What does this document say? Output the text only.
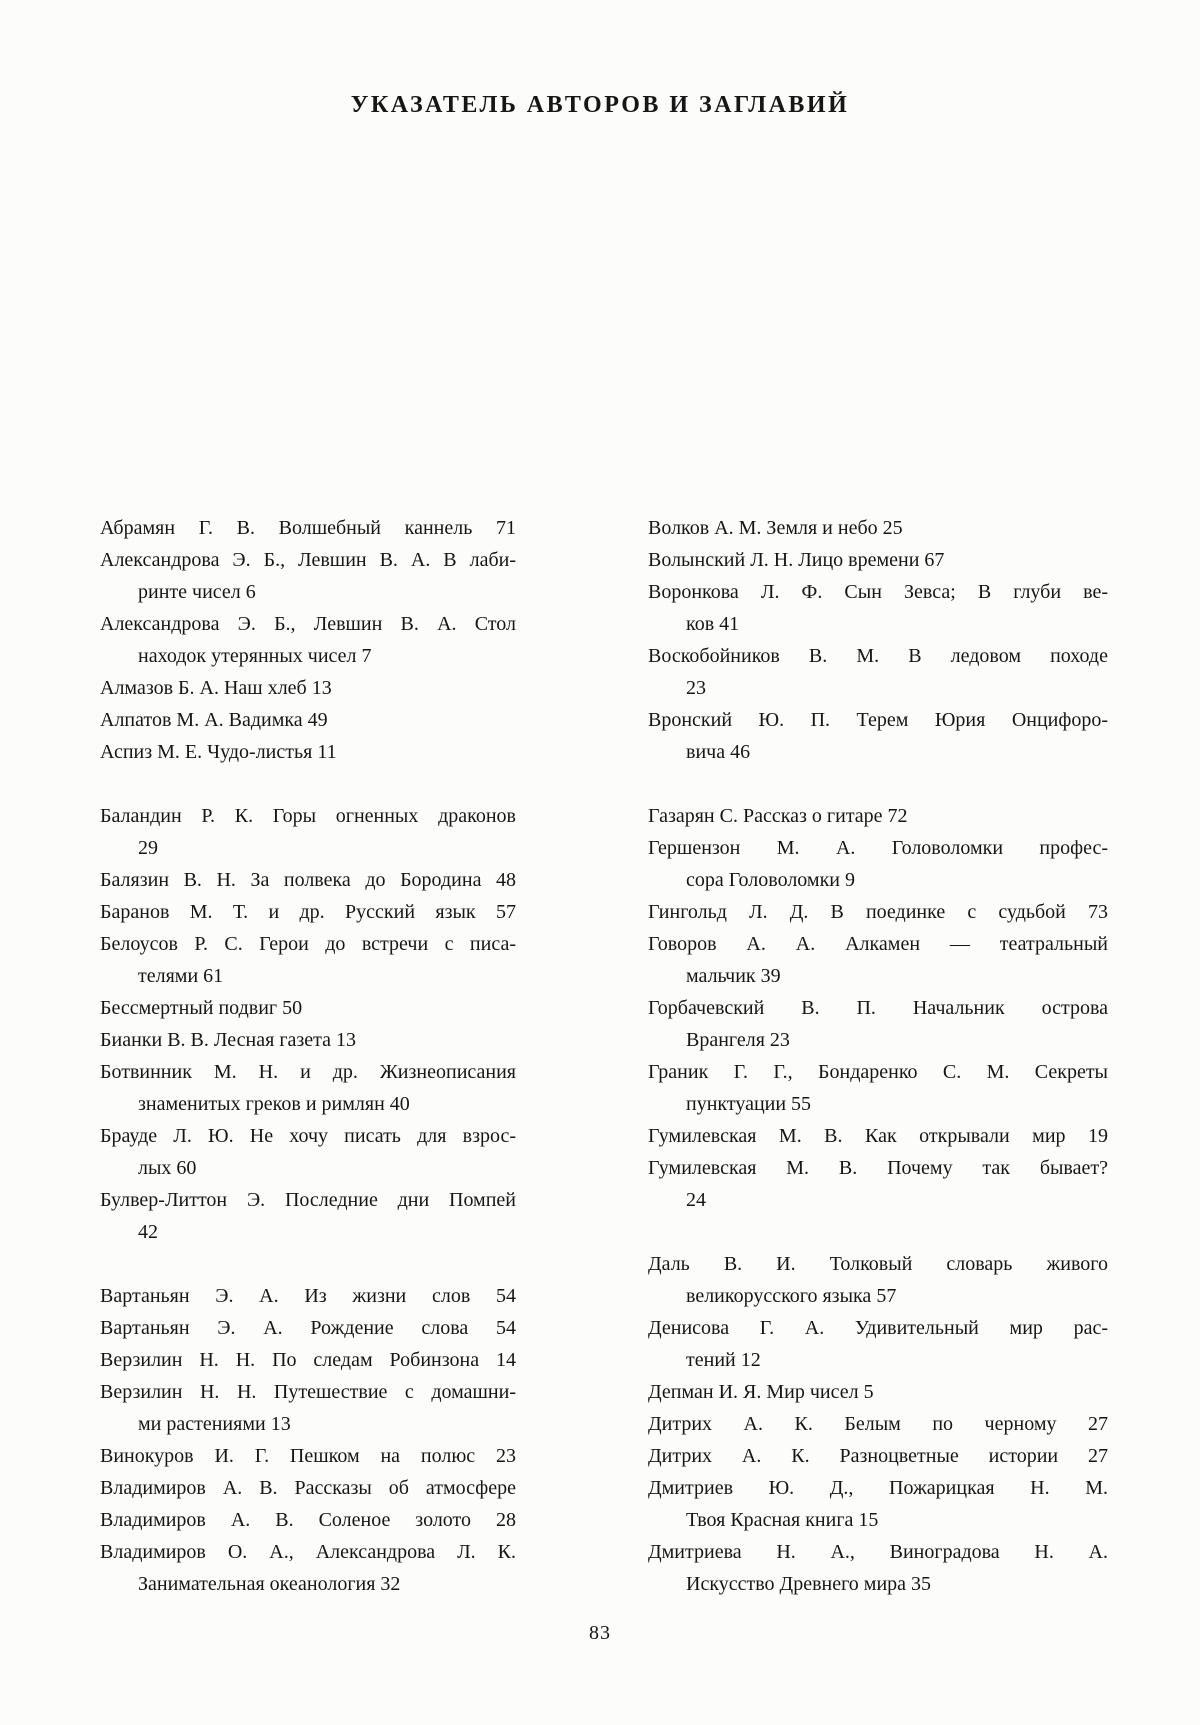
УКАЗАТЕЛЬ АВТОРОВ И ЗАГЛАВИЙ
Абрамян Г. В. Волшебный каннель 71
Александрова Э. Б., Левшин В. А. В лаби-
ринте чисел 6
Александрова Э. Б., Левшин В. А. Стол
находок утерянных чисел 7
Алмазов Б. А. Наш хлеб 13
Алпатов М. А. Вадимка 49
Аспиз М. Е. Чудо-листья 11
Баландин Р. К. Горы огненных драконов
29
Балязин В. Н. За полвека до Бородина 48
Баранов М. Т. и др. Русский язык 57
Белоусов Р. С. Герои до встречи с писа-
телями 61
Бессмертный подвиг 50
Бианки В. В. Лесная газета 13
Ботвинник М. Н. и др. Жизнеописания
знаменитых греков и римлян 40
Брауде Л. Ю. Не хочу писать для взрос-
лых 60
Булвер-Литтон Э. Последние дни Помпей
42
Вартаньян Э. А. Из жизни слов 54
Вартаньян Э. А. Рождение слова 54
Верзилин Н. Н. По следам Робинзона 14
Верзилин Н. Н. Путешествие с домашни-
ми растениями 13
Винокуров И. Г. Пешком на полюс 23
Владимиров А. В. Рассказы об атмосфере
Владимиров А. В. Соленое золото 28
Владимиров О. А., Александрова Л. К.
Занимательная океанология 32
Волков А. М. Земля и небо 25
Волынский Л. Н. Лицо времени 67
Воронкова Л. Ф. Сын Зевса; В глуби ве-
ков 41
Воскобойников В. М. В ледовом походе
23
Вронский Ю. П. Терем Юрия Онцифоро-
вича 46
Газарян С. Рассказ о гитаре 72
Гершензон М. А. Головоломки профес-
сора Головоломки 9
Гингольд Л. Д. В поединке с судьбой 73
Говоров А. А. Алкамен — театральный
мальчик 39
Горбачевский В. П. Начальник острова
Врангеля 23
Граник Г. Г., Бондаренко С. М. Секреты
пунктуации 55
Гумилевская М. В. Как открывали мир 19
Гумилевская М. В. Почему так бывает?
24
Даль В. И. Толковый словарь живого
великорусского языка 57
Денисова Г. А. Удивительный мир рас-
тений 12
Депман И. Я. Мир чисел 5
Дитрих А. К. Белым по черному 27
Дитрих А. К. Разноцветные истории 27
Дмитриев Ю. Д., Пожарицкая Н. М.
Твоя Красная книга 15
Дмитриева Н. А., Виноградова Н. А.
Искусство Древнего мира 35
83
